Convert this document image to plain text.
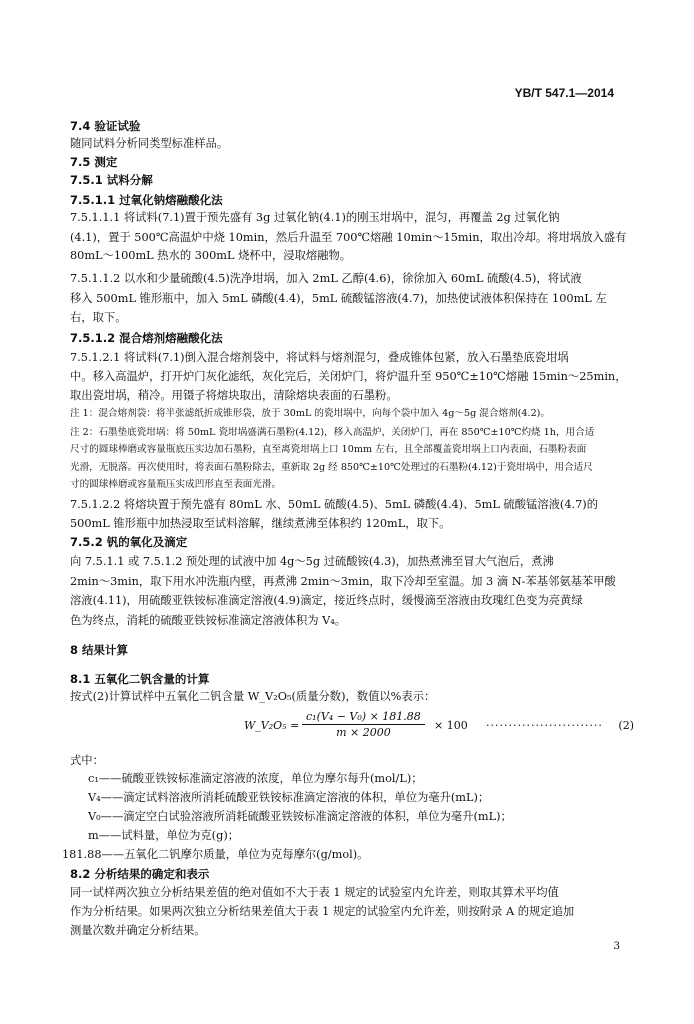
YB/T 547.1—2014
7.4 验证试验
随同试料分析同类型标准样品。
7.5 测定
7.5.1 试料分解
7.5.1.1 过氧化钠熔融酸化法
7.5.1.1.1 将试料(7.1)置于预先盛有 3g 过氧化钠(4.1)的刚玉坩埚中，混匀，再覆盖 2g 过氧化钠
(4.1)，置于 500℃高温炉中烧 10min，然后升温至 700℃熔融 10min～15min，取出冷却。将坩埚放入盛有
80mL～100mL 热水的 300mL 烧杯中，浸取熔融物。
7.5.1.1.2 以水和少量硫酸(4.5)洗净坩埚，加入 2mL 乙醇(4.6)，徐徐加入 60mL 硫酸(4.5)，将试液
移入 500mL 锥形瓶中，加入 5mL 磷酸(4.4)，5mL 硫酸锰溶液(4.7)，加热使试液体积保持在 100mL 左
右，取下。
7.5.1.2 混合熔剂熔融酸化法
7.5.1.2.1 将试料(7.1)倒入混合熔剂袋中，将试料与熔剂混匀，叠成锥体包紧，放入石墨垫底瓷坩埚
中。移入高温炉，打开炉门灰化滤纸，灰化完后，关闭炉门，将炉温升至 950℃±10℃熔融 15min～25min，
取出瓷坩埚，稍冷。用镊子将熔块取出，清除熔块表面的石墨粉。
注 1：混合熔剂袋：将半张滤纸折成锥形袋，放于 30mL 的瓷坩埚中，向每个袋中加入 4g～5g 混合熔剂(4.2)。
注 2：石墨垫底瓷坩埚：将 50mL 瓷坩埚盛满石墨粉(4.12)，移入高温炉，关闭炉门，再在 850℃±10℃灼烧 1h，用合适
尺寸的圆球棒磨或容量瓶底压实边加石墨粉，直至离瓷坩埚上口 10mm 左右，且全部覆盖瓷坩埚上口内表面，石墨粉表面
光滑，无脱落。再次使用时，将表面石墨粉除去，重新取 2g 经 850℃±10℃处理过的石墨粉(4.12)于瓷坩埚中，用合适尺
寸的圆球棒磨或容量瓶压实成凹形直至表面光滑。
7.5.1.2.2 将熔块置于预先盛有 80mL 水、50mL 硫酸(4.5)、5mL 磷酸(4.4)、5mL 硫酸锰溶液(4.7)的
500mL 锥形瓶中加热浸取至试料溶解，继续煮沸至体积约 120mL，取下。
7.5.2 钒的氧化及滴定
向 7.5.1.1 或 7.5.1.2 预处理的试液中加 4g～5g 过硫酸铵(4.3)，加热煮沸至冒大气泡后，煮沸
2min～3min，取下用水冲洗瓶内壁，再煮沸 2min～3min，取下冷却至室温。加 3 滴 N-苯基邻氨基苯甲酸
溶液(4.11)，用硫酸亚铁铵标准滴定溶液(4.9)滴定，接近终点时，缓慢滴至溶液由玫瑰红色变为亮黄绿
色为终点，消耗的硫酸亚铁铵标准滴定溶液体积为 V₄。
8 结果计算
8.1 五氧化二钒含量的计算
按式(2)计算试样中五氧化二钒含量 W_V₂O₅(质量分数)，数值以%表示：
W_V₂O₅ =
c₁(V₄ − V₀) × 181.88
m × 2000
× 100 ·························· (2)
式中：
c₁——硫酸亚铁铵标准滴定溶液的浓度，单位为摩尔每升(mol/L)；
V₄——滴定试料溶液所消耗硫酸亚铁铵标准滴定溶液的体积，单位为毫升(mL)；
V₀——滴定空白试验溶液所消耗硫酸亚铁铵标准滴定溶液的体积，单位为毫升(mL)；
m——试料量，单位为克(g)；
181.88——五氧化二钒摩尔质量，单位为克每摩尔(g/mol)。
8.2 分析结果的确定和表示
同一试样两次独立分析结果差值的绝对值如不大于表 1 规定的试验室内允许差，则取其算术平均值
作为分析结果。如果两次独立分析结果差值大于表 1 规定的试验室内允许差，则按附录 A 的规定追加
测量次数并确定分析结果。
3
